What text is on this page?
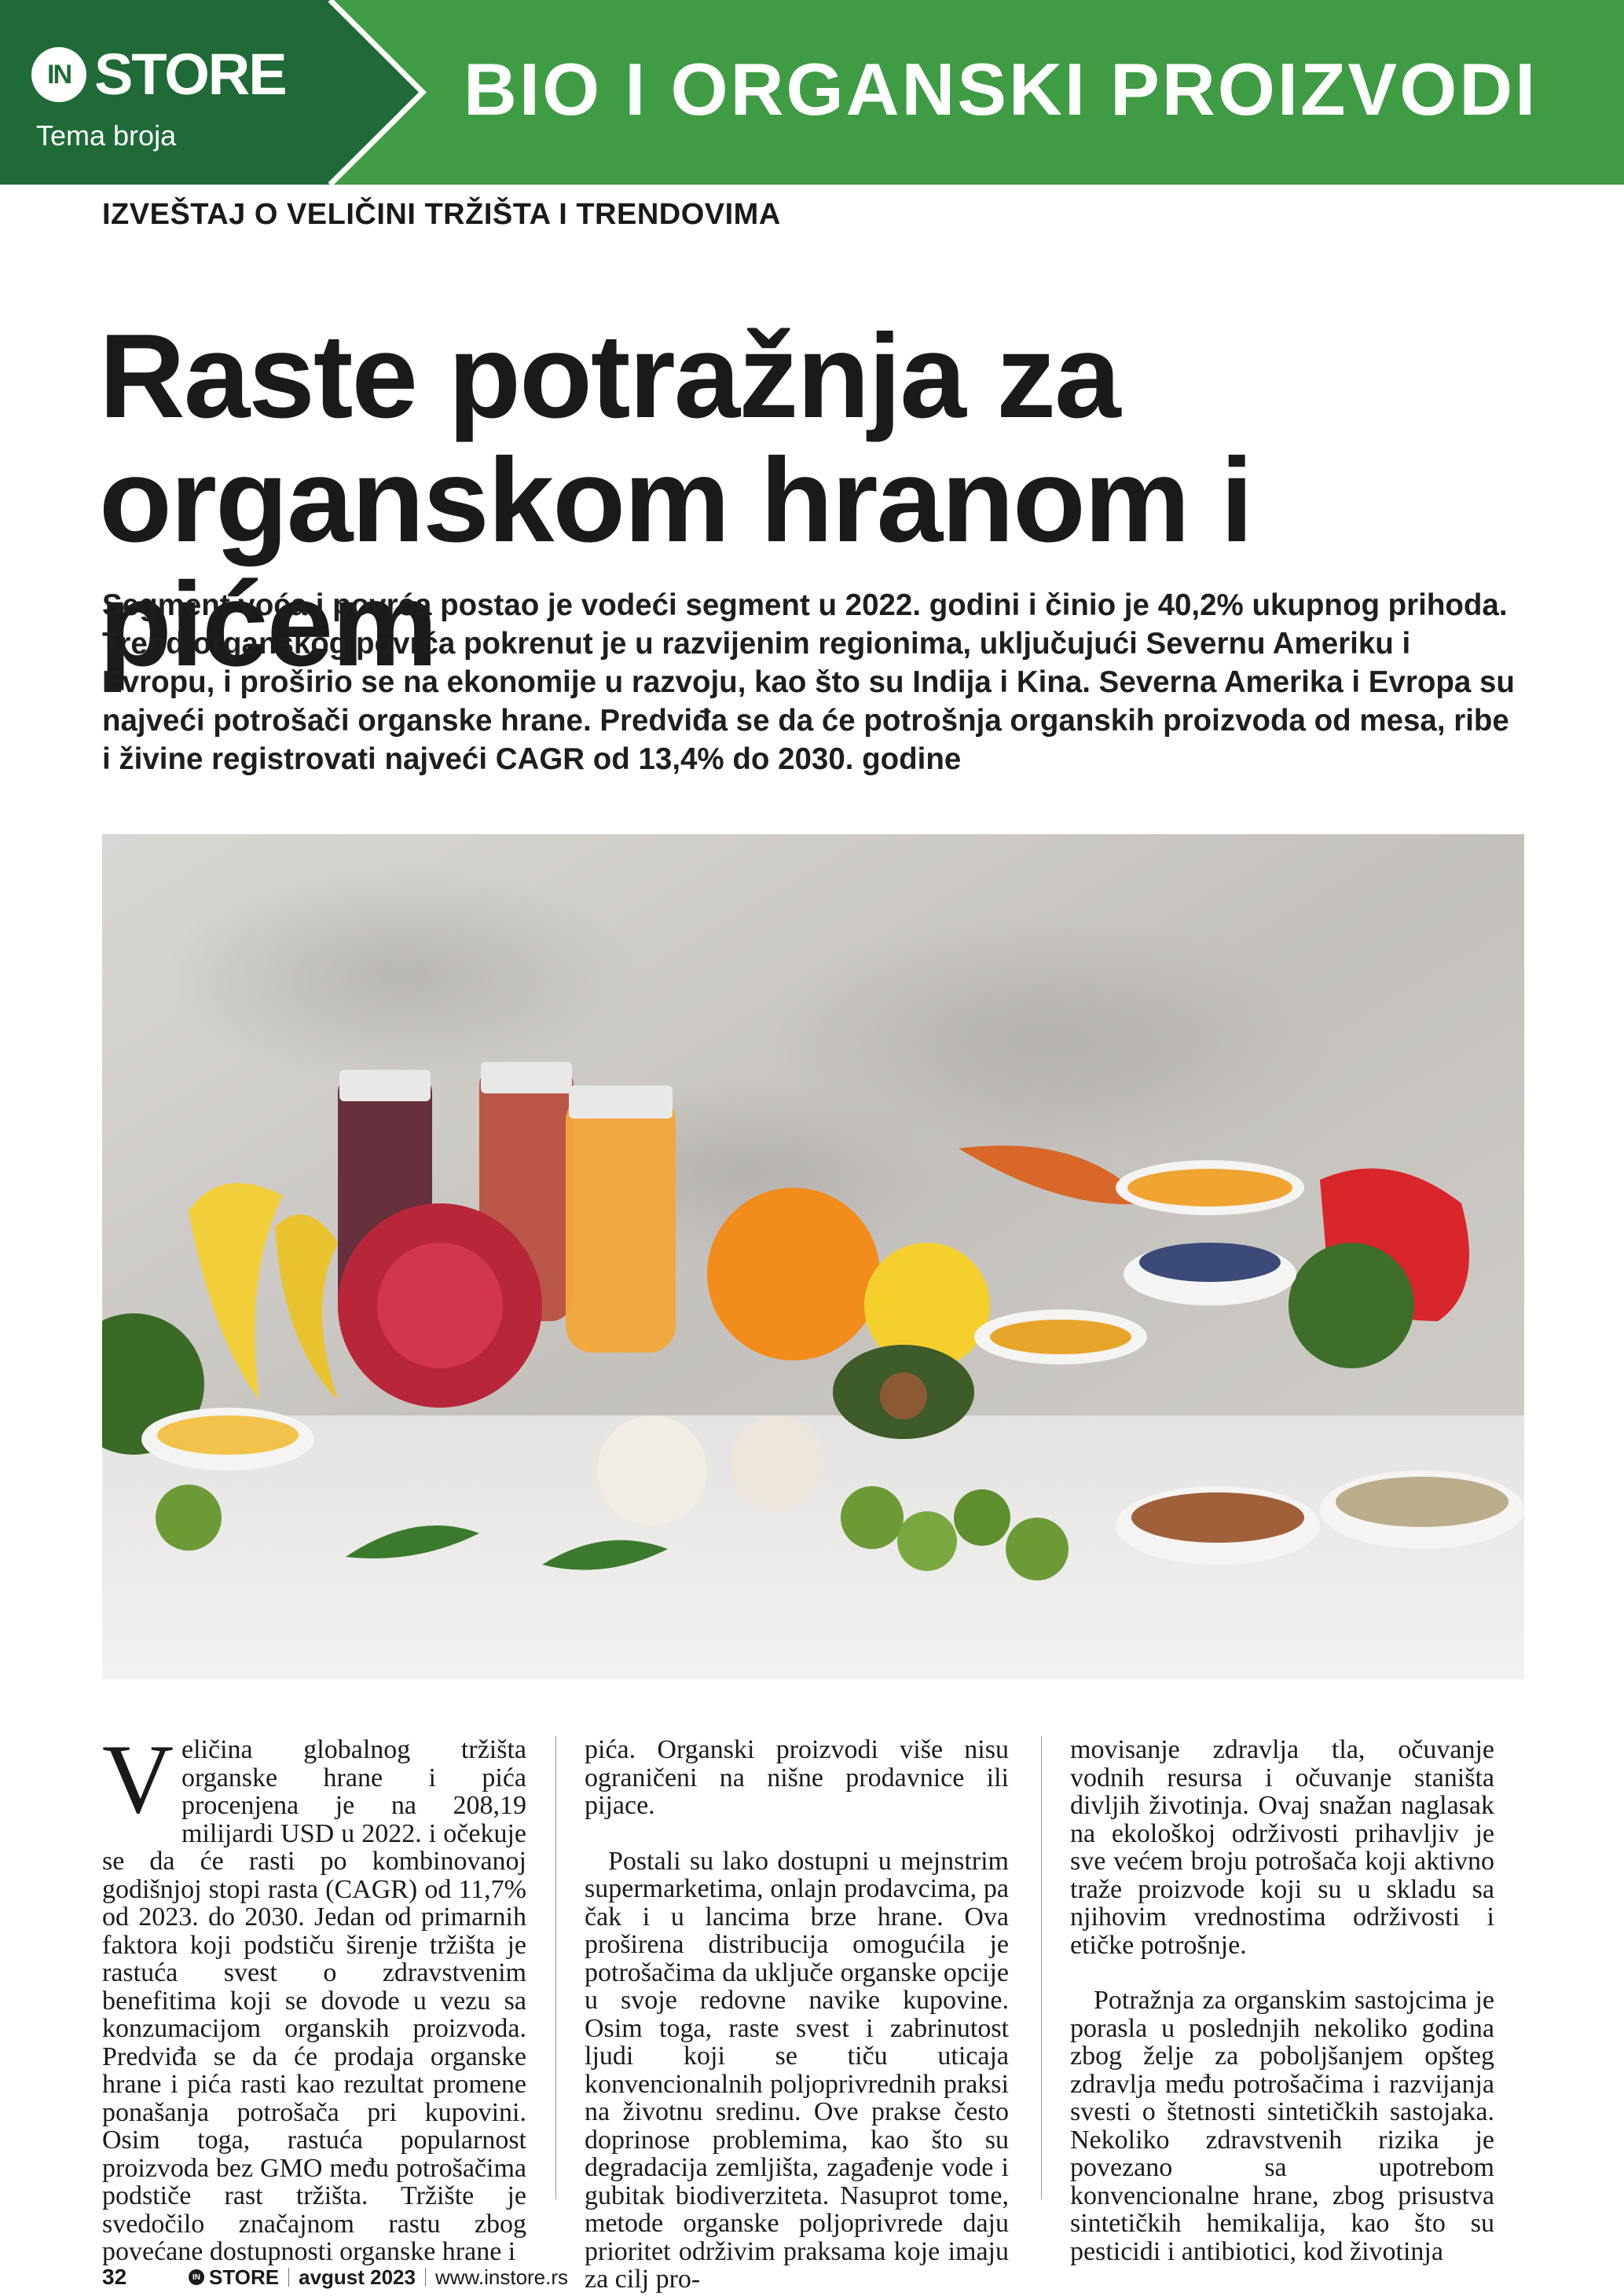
IN STORE
Tema broja
BIO I ORGANSKI PROIZVODI
IZVEŠTAJ O VELIČINI TRŽIŠTA I TRENDOVIMA
Raste potražnja za
organskom hranom i pićem

Segment voća i povrća postao je vodeći segment u 2022. godini i činio je 40,2% ukupnog prihoda. Trend organskog povrća pokrenut je u razvijenim regionima, uključujući Severnu Ameriku i Evropu, i proširio se na ekonomije u razvoju, kao što su Indija i Kina. Severna Amerika i Evropa su najveći potrošači organske hrane. Predviđa se da će potrošnja organskih proizvoda od mesa, ribe i živine registrovati najveći CAGR od 13,4% do 2030. godine

Veličina globalnog tržišta organske hrane i pića procenjena je na 208,19 milijardi USD u 2022. i očekuje se da će rasti po kombinovanoj godišnjoj stopi rasta (CAGR) od 11,7% od 2023. do 2030. Jedan od primarnih faktora koji podstiču širenje tržišta je rastuća svest o zdravstvenim benefitima koji se dovode u vezu sa konzumacijom organskih proizvoda. Predviđa se da će prodaja organske hrane i pića rasti kao rezultat promene ponašanja potrošača pri kupovini. Osim toga, rastuća popularnost proizvoda bez GMO među potrošačima podstiče rast tržišta. Tržište je svedočilo značajnom rastu zbog povećane dostupnosti organske hrane i

pića. Organski proizvodi više nisu ograničeni na nišne prodavnice ili pijace.

Postali su lako dostupni u mejnstrim supermarketima, onlajn prodavcima, pa čak i u lancima brze hrane. Ova proširena distribucija omogućila je potrošačima da uključe organske opcije u svoje redovne navike kupovine. Osim toga, raste svest i zabrinutost ljudi koji se tiču uticaja konvencionalnih poljoprivrednih praksi na životnu sredinu. Ove prakse često doprinose problemima, kao što su degradacija zemljišta, zagađenje vode i gubitak biodiverziteta. Nasuprot tome, metode organske poljoprivrede daju prioritet održivim praksama koje imaju za cilj pro-

movisanje zdravlja tla, očuvanje vodnih resursa i očuvanje staništa divljih životinja. Ovaj snažan naglasak na ekološkoj održivosti prihavljiv je sve većem broju potrošača koji aktivno traže proizvode koji su u skladu sa njihovim vrednostima održivosti i etičke potrošnje.

Potražnja za organskim sastojcima je porasla u poslednjih nekoliko godina zbog želje za poboljšanjem opšteg zdravlja među potrošačima i razvijanja svesti o štetnosti sintetičkih sastojaka. Nekoliko zdravstvenih rizika je povezano sa upotrebom konvencionalne hrane, zbog prisustva sintetičkih hemikalija, kao što su pesticidi i antibiotici, kod životinja

32	IN STORE avgust 2023 www.instore.rs
